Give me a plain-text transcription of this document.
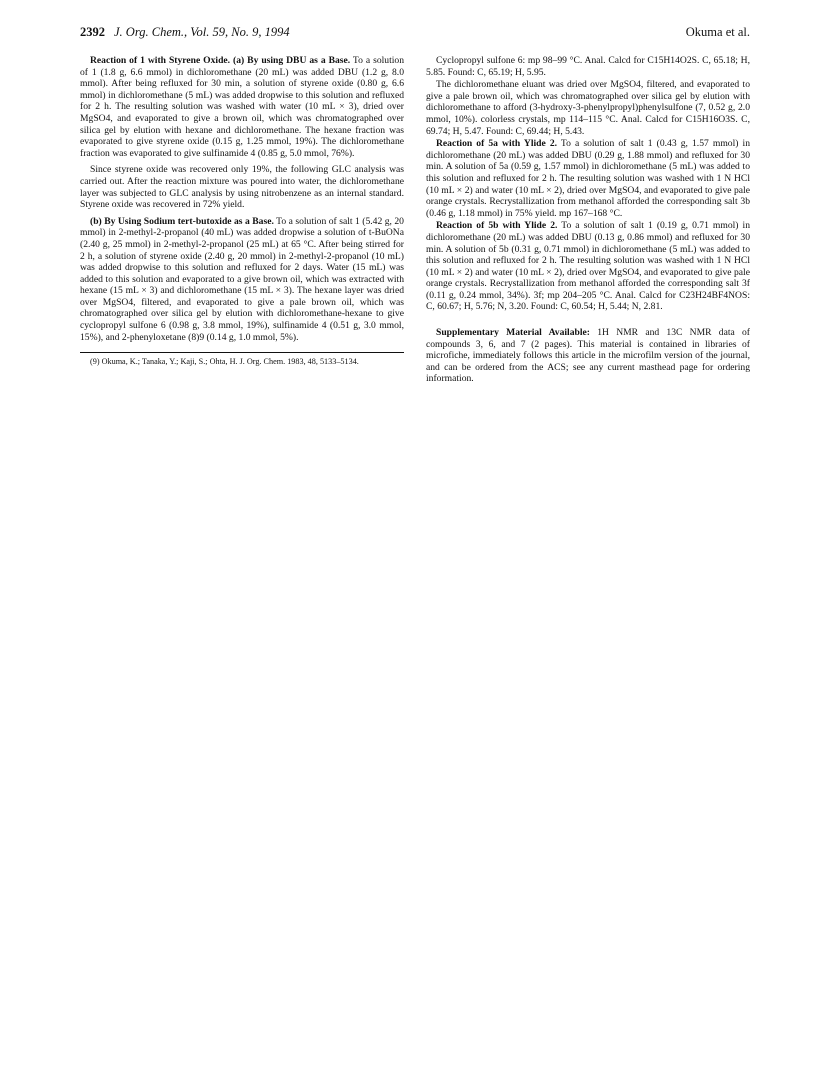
2392 J. Org. Chem., Vol. 59, No. 9, 1994	Okuma et al.

Reaction of 1 with Styrene Oxide. (a) By using DBU as a Base. To a solution of 1 (1.8 g, 6.6 mmol) in dichloromethane (20 mL) was added DBU (1.2 g, 8.0 mmol). After being refluxed for 30 min, a solution of styrene oxide (0.80 g, 6.6 mmol) in dichloromethane (5 mL) was added dropwise to this solution and refluxed for 2 h. The resulting solution was washed with water (10 mL × 3), dried over MgSO4, and evaporated to give a brown oil, which was chromatographed over silica gel by elution with hexane and dichloromethane. The hexane fraction was evaporated to give styrene oxide (0.15 g, 1.25 mmol, 19%). The dichloromethane fraction was evaporated to give sulfinamide 4 (0.85 g, 5.0 mmol, 76%).

Since styrene oxide was recovered only 19%, the following GLC analysis was carried out. After the reaction mixture was poured into water, the dichloromethane layer was subjected to GLC analysis by using nitrobenzene as an internal standard. Styrene oxide was recovered in 72% yield.

(b) By Using Sodium tert-butoxide as a Base. To a solution of salt 1 (5.42 g, 20 mmol) in 2-methyl-2-propanol (40 mL) was added dropwise a solution of t-BuONa (2.40 g, 25 mmol) in 2-methyl-2-propanol (25 mL) at 65 °C. After being stirred for 2 h, a solution of styrene oxide (2.40 g, 20 mmol) in 2-methyl-2-propanol (10 mL) was added dropwise to this solution and refluxed for 2 days. Water (15 mL) was added to this solution and evaporated to a give brown oil, which was extracted with hexane (15 mL × 3) and dichloromethane (15 mL × 3). The hexane layer was dried over MgSO4, filtered, and evaporated to give a pale brown oil, which was chromatographed over silica gel by elution with dichloromethane-hexane to give cyclopropyl sulfone 6 (0.98 g, 3.8 mmol, 19%), sulfinamide 4 (0.51 g, 3.0 mmol, 15%), and 2-phenyloxetane (8)9 (0.14 g, 1.0 mmol, 5%).

(9) Okuma, K.; Tanaka, Y.; Kaji, S.; Ohta, H. J. Org. Chem. 1983, 48, 5133–5134.

Cyclopropyl sulfone 6: mp 98–99 °C. Anal. Calcd for C15H14O2S. C, 65.18; H, 5.85. Found: C, 65.19; H, 5.95.

The dichloromethane eluant was dried over MgSO4, filtered, and evaporated to give a pale brown oil, which was chromatographed over silica gel by elution with dichloromethane to afford (3-hydroxy-3-phenylpropyl)phenylsulfone (7, 0.52 g, 2.0 mmol, 10%). colorless crystals, mp 114–115 °C. Anal. Calcd for C15H16O3S. C, 69.74; H, 5.47. Found: C, 69.44; H, 5.43.

Reaction of 5a with Ylide 2. To a solution of salt 1 (0.43 g, 1.57 mmol) in dichloromethane (20 mL) was added DBU (0.29 g, 1.88 mmol) and refluxed for 30 min. A solution of 5a (0.59 g, 1.57 mmol) in dichloromethane (5 mL) was added to this solution and refluxed for 2 h. The resulting solution was washed with 1 N HCl (10 mL × 2) and water (10 mL × 2), dried over MgSO4, and evaporated to give pale orange crystals. Recrystallization from methanol afforded the corresponding salt 3b (0.46 g, 1.18 mmol) in 75% yield. mp 167–168 °C.

Reaction of 5b with Ylide 2. To a solution of salt 1 (0.19 g, 0.71 mmol) in dichloromethane (20 mL) was added DBU (0.13 g, 0.86 mmol) and refluxed for 30 min. A solution of 5b (0.31 g, 0.71 mmol) in dichloromethane (5 mL) was added to this solution and refluxed for 2 h. The resulting solution was washed with 1 N HCl (10 mL × 2) and water (10 mL × 2), dried over MgSO4, and evaporated to give pale orange crystals. Recrystallization from methanol afforded the corresponding salt 3f (0.11 g, 0.24 mmol, 34%). 3f; mp 204–205 °C. Anal. Calcd for C23H24BF4NOS: C, 60.67; H, 5.76; N, 3.20. Found: C, 60.54; H, 5.44; N, 2.81.

Supplementary Material Available: 1H NMR and 13C NMR data of compounds 3, 6, and 7 (2 pages). This material is contained in libraries of microfiche, immediately follows this article in the microfilm version of the journal, and can be ordered from the ACS; see any current masthead page for ordering information.
